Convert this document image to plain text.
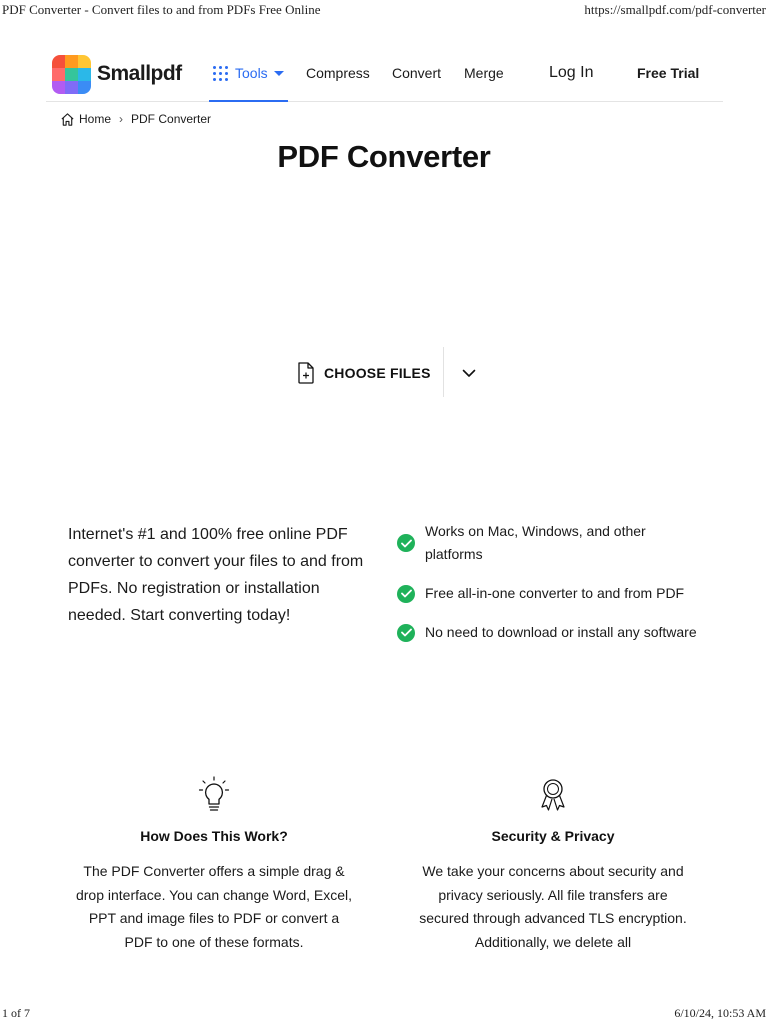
PDF Converter - Convert files to and from PDFs Free Online	https://smallpdf.com/pdf-converter
Smallpdf	Tools	Compress Convert Merge	Log In	Free Trial
Home › PDF Converter
PDF Converter
CHOOSE FILES

Internet's #1 and 100% free online PDF converter to convert your files to and from PDFs. No registration or installation needed. Start converting today!

Works on Mac, Windows, and other platforms
Free all-in-one converter to and from PDF
No need to download or install any software
How Does This Work?
The PDF Converter offers a simple drag & drop interface. You can change Word, Excel, PPT and image files to PDF or convert a PDF to one of these formats.
Security & Privacy
We take your concerns about security and privacy seriously. All file transfers are secured through advanced TLS encryption. Additionally, we delete all
1 of 7	6/10/24, 10:53 AM
